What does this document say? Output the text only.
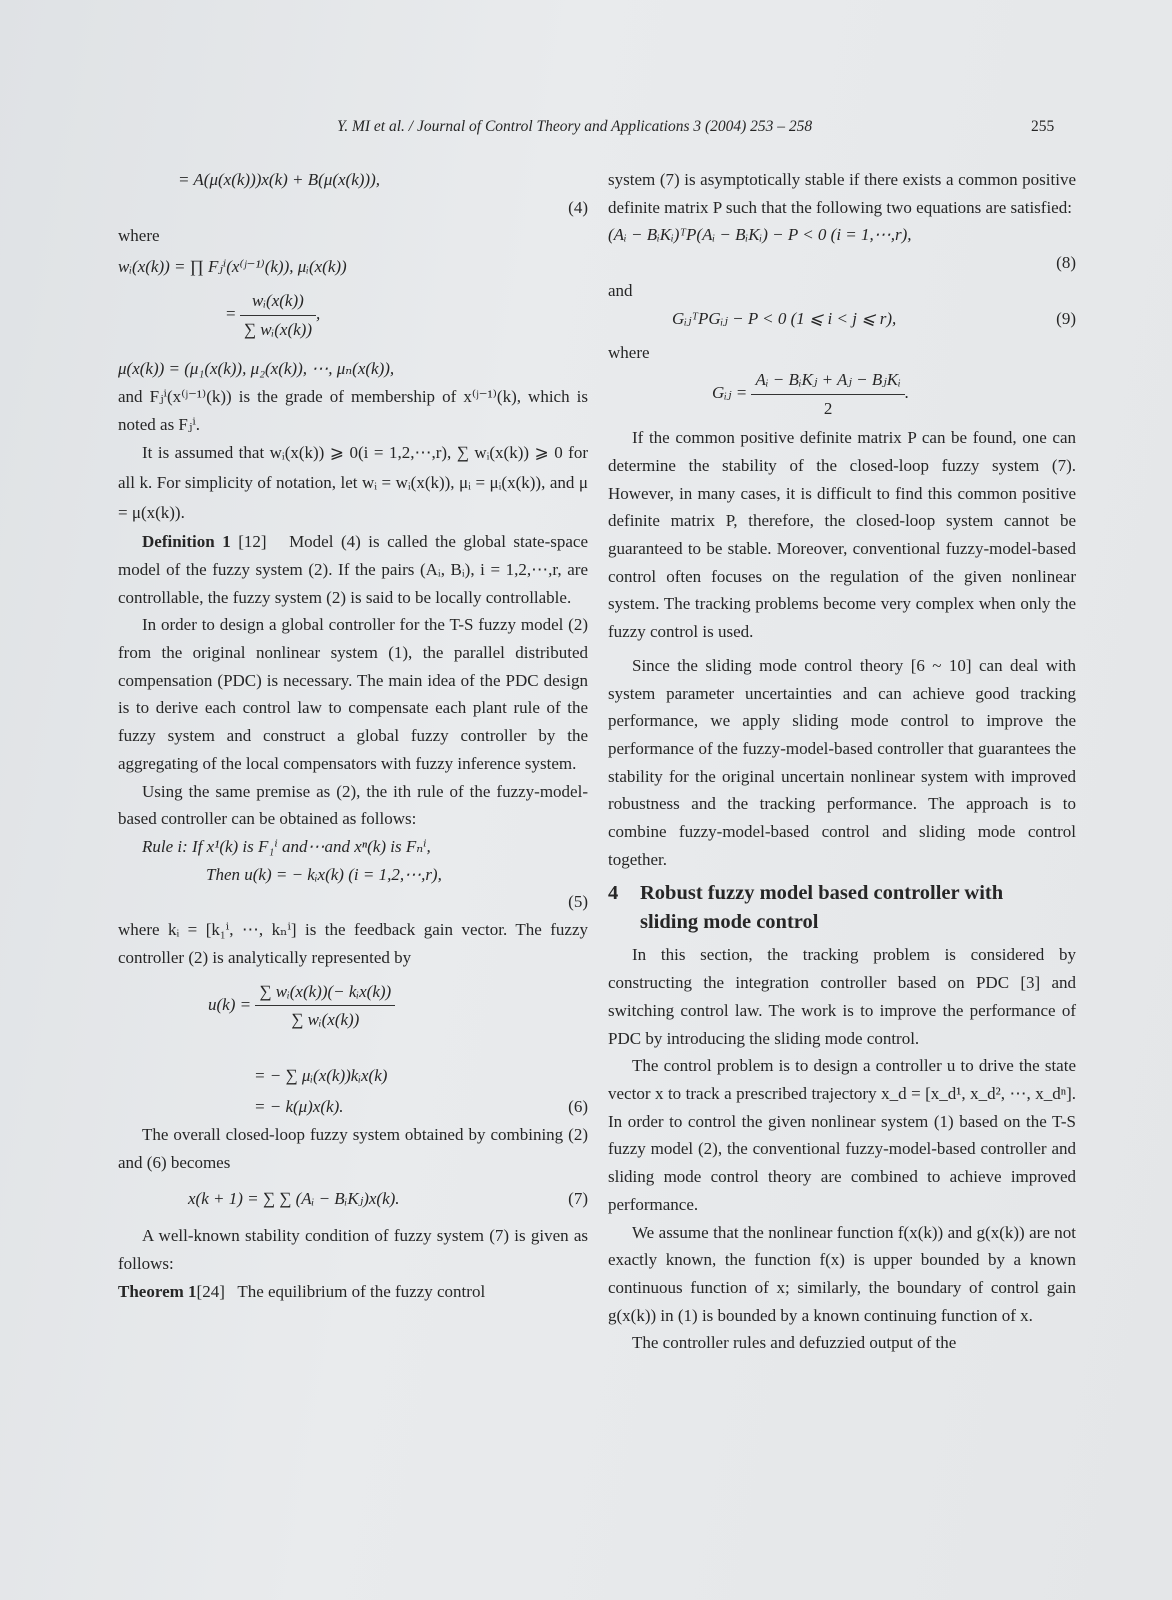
Y. MI et al. / Journal of Control Theory and Applications 3 (2004) 253 – 258	255
= A(μ(x(k)))x(k) + B(μ(x(k))),
(4)

where

wᵢ(x(k)) = ∏ Fⱼⁱ(x⁽ʲ⁻¹⁾(k)), μᵢ(x(k))
= $\frac{\text{wᵢ(x(k))}}{\text{∑ wᵢ(x(k))}}$ ,
μ(x(k)) = (μ₁(x(k)), μ₂(x(k)), ⋯, μₙ(x(k)),

and Fⱼⁱ(x⁽ʲ⁻¹⁾(k)) is the grade of membership of x⁽ʲ⁻¹⁾(k), which is noted as Fⱼⁱ.

It is assumed that wᵢ(x(k)) ⩾ 0(i = 1,2,⋯,r), ∑ wᵢ(x(k)) ⩾ 0 for all k. For simplicity of notation, let wᵢ = wᵢ(x(k)), μᵢ = μᵢ(x(k)), and μ = μ(x(k)).

Definition 1 [12] Model (4) is called the global state-space model of the fuzzy system (2). If the pairs (Aᵢ, Bᵢ), i = 1,2,⋯,r, are controllable, the fuzzy system (2) is said to be locally controllable.

In order to design a global controller for the T-S fuzzy model (2) from the original nonlinear system (1), the parallel distributed compensation (PDC) is necessary. The main idea of the PDC design is to derive each control law to compensate each plant rule of the fuzzy system and construct a global fuzzy controller by the aggregating of the local compensators with fuzzy inference system.

Using the same premise as (2), the ith rule of the fuzzy-model-based controller can be obtained as follows:

Rule i: If x¹(k) is F₁ⁱ and⋯and xⁿ(k) is Fₙⁱ,
Then u(k) = − kᵢx(k) (i = 1,2,⋯,r),
(5)

where kᵢ = [k₁ⁱ, ⋯, kₙⁱ] is the feedback gain vector. The fuzzy controller (2) is analytically represented by

$u(k) = \frac{\text{∑ wᵢ(x(k))(− kᵢx(k))}}{\text{∑ wᵢ(x(k))}}$
= − ∑ μᵢ(x(k))kᵢx(k)
= − k(μ)x(k).	(6)

The overall closed-loop fuzzy system obtained by combining (2) and (6) becomes

x(k + 1) = ∑ ∑ (Aᵢ − BᵢKⱼ)x(k).	(7)

A well-known stability condition of fuzzy system (7) is given as follows:

Theorem 1[24] The equilibrium of the fuzzy control

system (7) is asymptotically stable if there exists a common positive definite matrix P such that the following two equations are satisfied:

(Aᵢ − BᵢKᵢ)ᵀP(Aᵢ − BᵢKᵢ) − P < 0 (i = 1,⋯,r),
(8)

and

GᵢⱼᵀPGᵢⱼ − P < 0 (1 ⩽ i < j ⩽ r),	(9)

where

Gᵢⱼ = $\frac{\text{Aᵢ − BᵢKⱼ + Aⱼ − BⱼKᵢ}}{2}$ .

If the common positive definite matrix P can be found, one can determine the stability of the closed-loop fuzzy system (7). However, in many cases, it is difficult to find this common positive definite matrix P, therefore, the closed-loop system cannot be guaranteed to be stable. Moreover, conventional fuzzy-model-based control often focuses on the regulation of the given nonlinear system. The tracking problems become very complex when only the fuzzy control is used.

Since the sliding mode control theory [6 ~ 10] can deal with system parameter uncertainties and can achieve good tracking performance, we apply sliding mode control to improve the performance of the fuzzy-model-based controller that guarantees the stability for the original uncertain nonlinear system with improved robustness and the tracking performance. The approach is to combine fuzzy-model-based control and sliding mode control together.

4 Robust fuzzy model based controller with
sliding mode control

In this section, the tracking problem is considered by constructing the integration controller based on PDC [3] and switching control law. The work is to improve the performance of PDC by introducing the sliding mode control.

The control problem is to design a controller u to drive the state vector x to track a prescribed trajectory x_d = [x_d¹, x_d², ⋯, x_dⁿ]. In order to control the given nonlinear system (1) based on the T-S fuzzy model (2), the conventional fuzzy-model-based controller and sliding mode control theory are combined to achieve improved performance.

We assume that the nonlinear function f(x(k)) and g(x(k)) are not exactly known, the function f(x) is upper bounded by a known continuous function of x; similarly, the boundary of control gain g(x(k)) in (1) is bounded by a known continuing function of x.

The controller rules and defuzzied output of the
